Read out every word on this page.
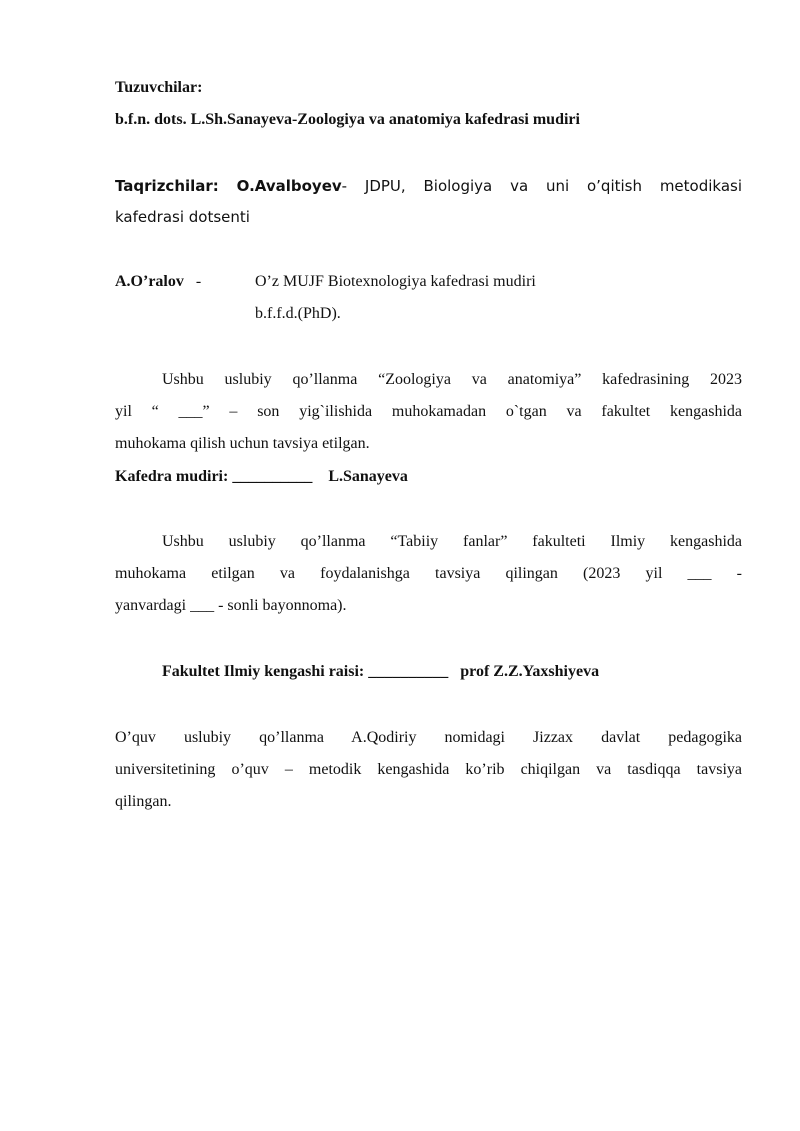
Tuzuvchilar:
b.f.n. dots. L.Sh.Sanayeva-Zoologiya va anatomiya kafedrasi mudiri
Taqrizchilar: O.Avalboyev- JDPU, Biologiya va uni o’qitish metodikasi
kafedrasi dotsenti
A.O’ralov -	O’z MUJF Biotexnologiya kafedrasi mudiri
b.f.f.d.(PhD).
Ushbu uslubiy qo’llanma “Zoologiya va anatomiya” kafedrasining 2023
yil “ ___” – son yig`ilishida muhokamadan o`tgan va fakultet kengashida
muhokama qilish uchun tavsiya etilgan.
Kafedra mudiri: __________ L.Sanayeva
Ushbu uslubiy qo’llanma “Tabiiy fanlar” fakulteti Ilmiy kengashida
muhokama etilgan va foydalanishga tavsiya qilingan (2023 yil ___ -
yanvardagi ___ - sonli bayonnoma).
Fakultet Ilmiy kengashi raisi: __________ prof Z.Z.Yaxshiyeva
O’quv uslubiy qo’llanma A.Qodiriy nomidagi Jizzax davlat pedagogika
universitetining o’quv – metodik kengashida ko’rib chiqilgan va tasdiqqa tavsiya
qilingan.
